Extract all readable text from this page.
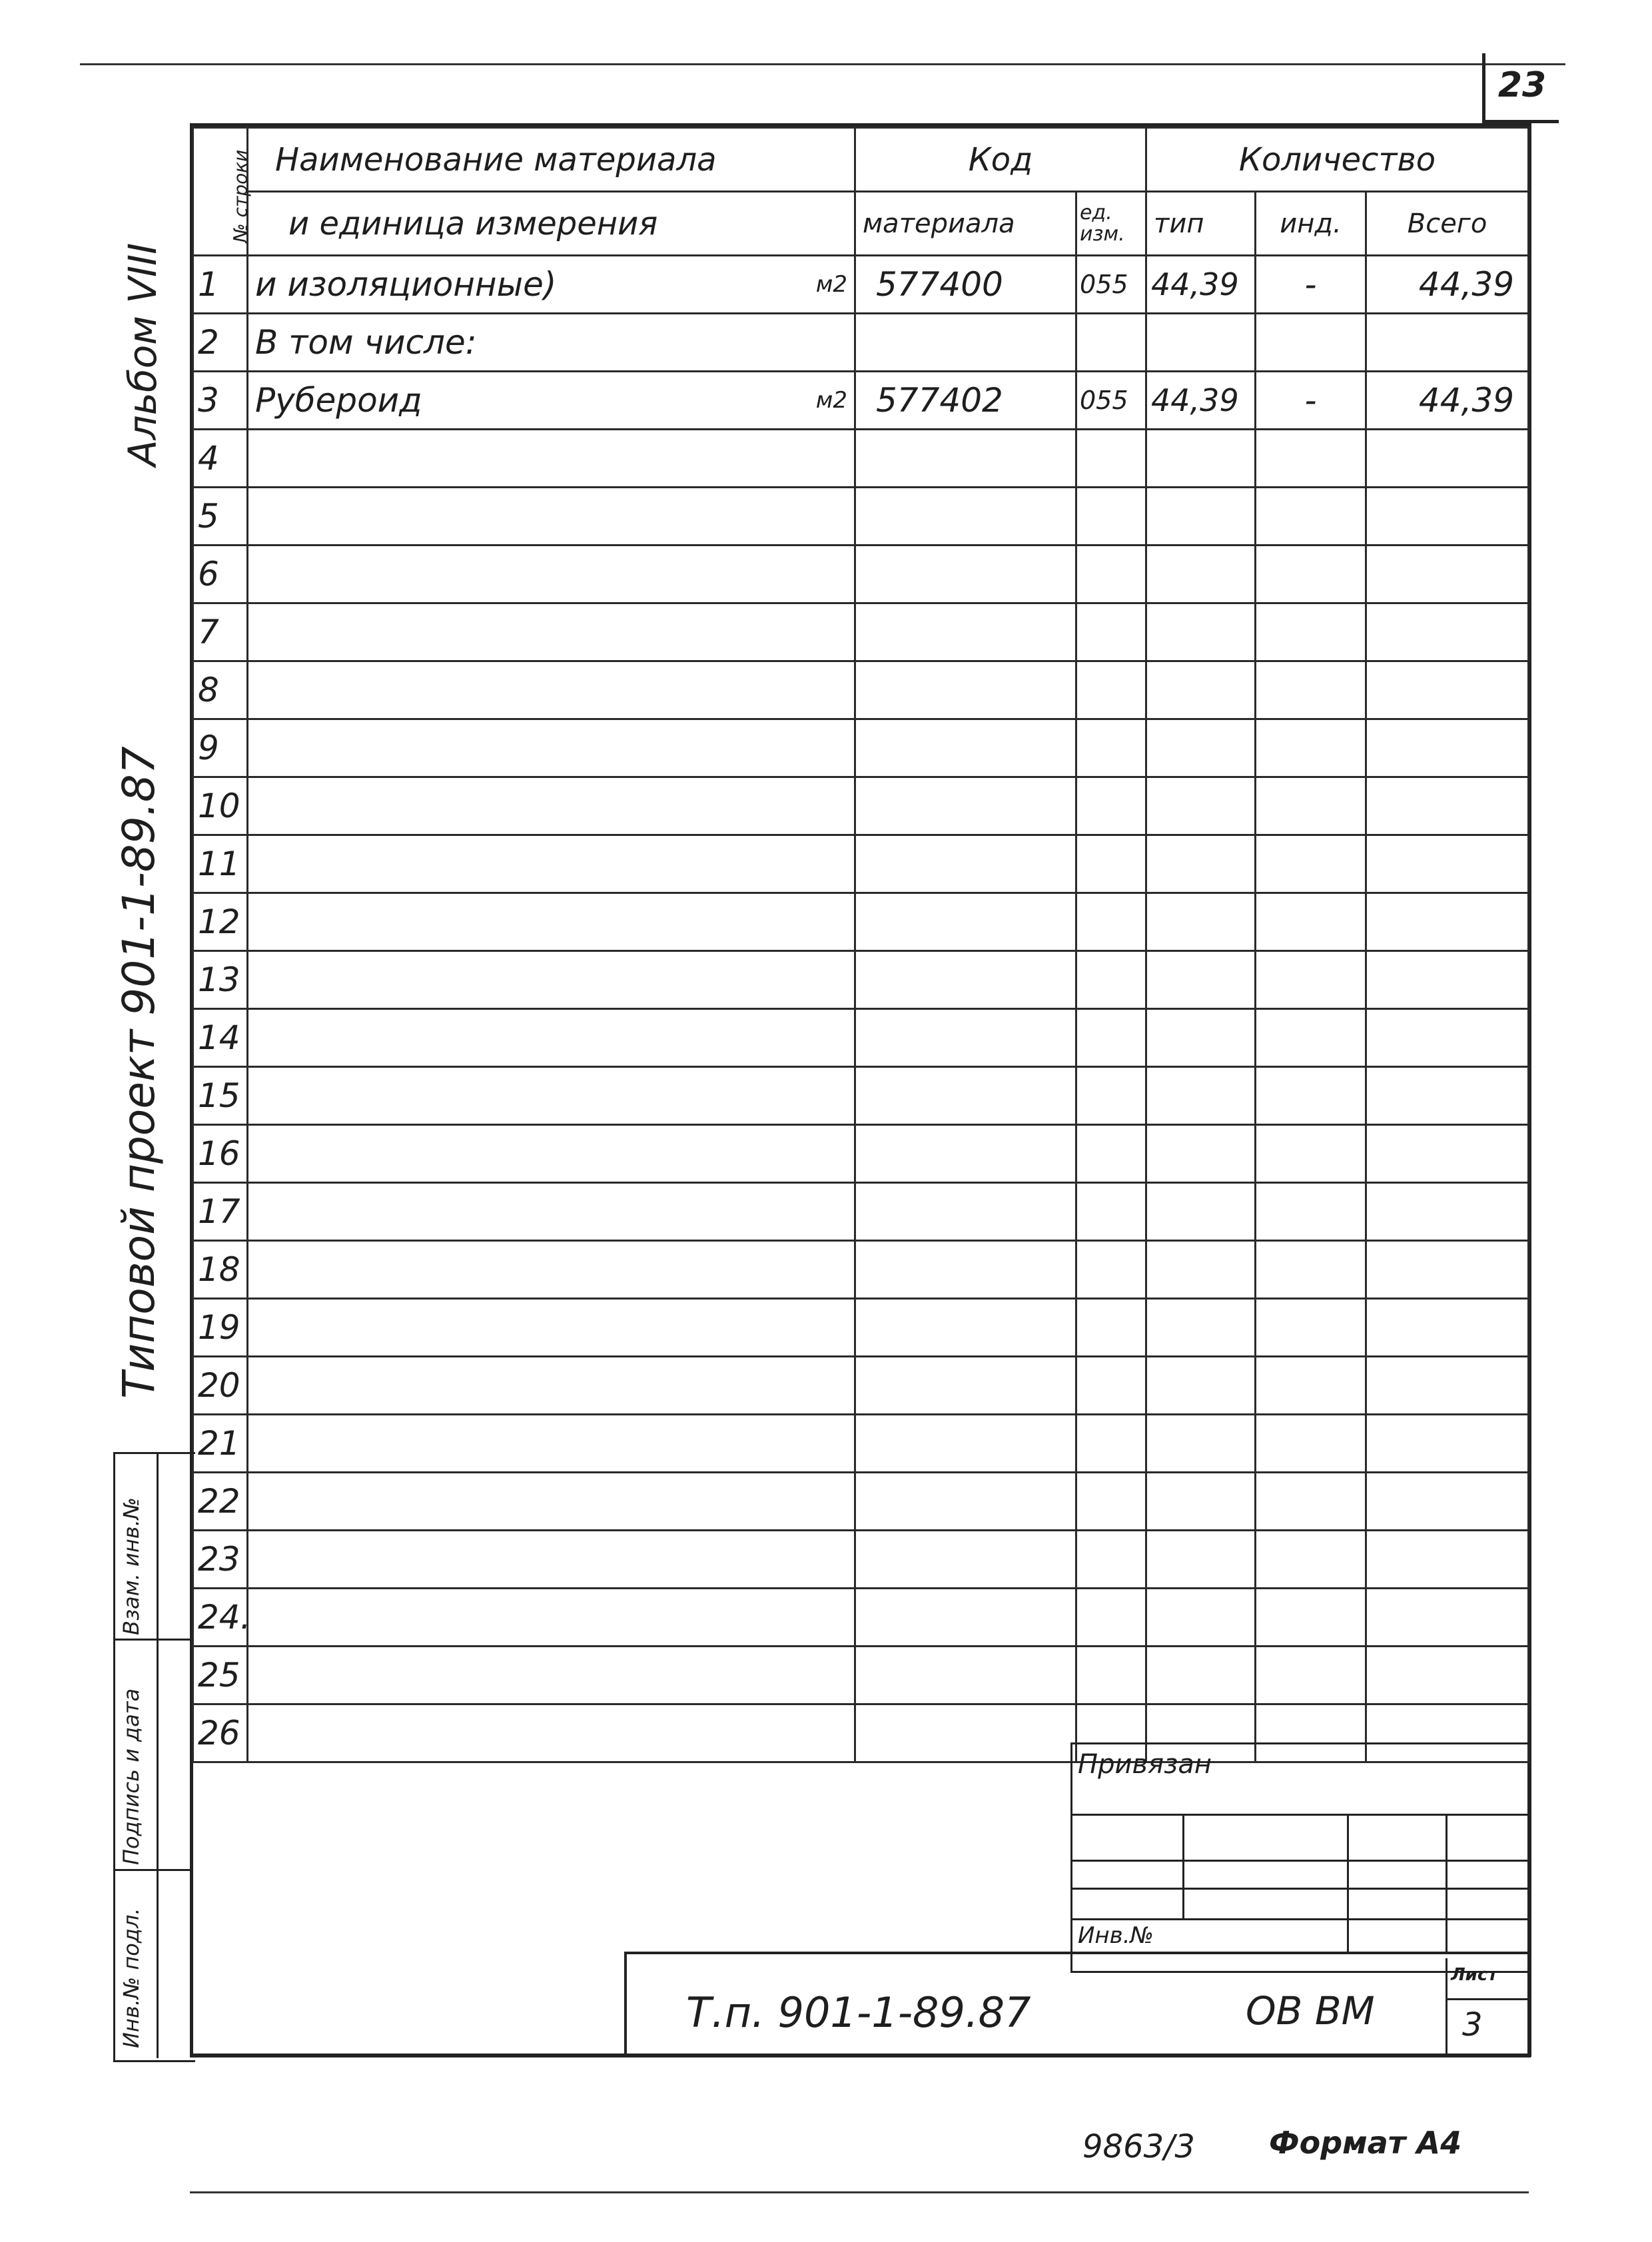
23
№ строки	Наименование материала	Код		Количество		
	и единица измерения	материала	ед. изм.	тип	инд.	Всего
1	и изоляционные) м2	577400	055	44,39	-	44,39
2	В том числе:					

3	Рубероид м2	577402	055	44,39	-	44,39
4	

5	

6	

7	

8	

9	

10	

11	

12	

13	

14	

15	

16	

17	

18	

19	

20	

21	

22	

23	

24.	

25	

26	

Альбом VIII
Типовой проект 901-1-89.87
Взам. инв.№
Подпись и дата
Инв.№ подл.
Привязан
Инв.№
Т.п. 901-1-89.87	ОВ ВМ
Лист
3
9863/3 Формат А4
